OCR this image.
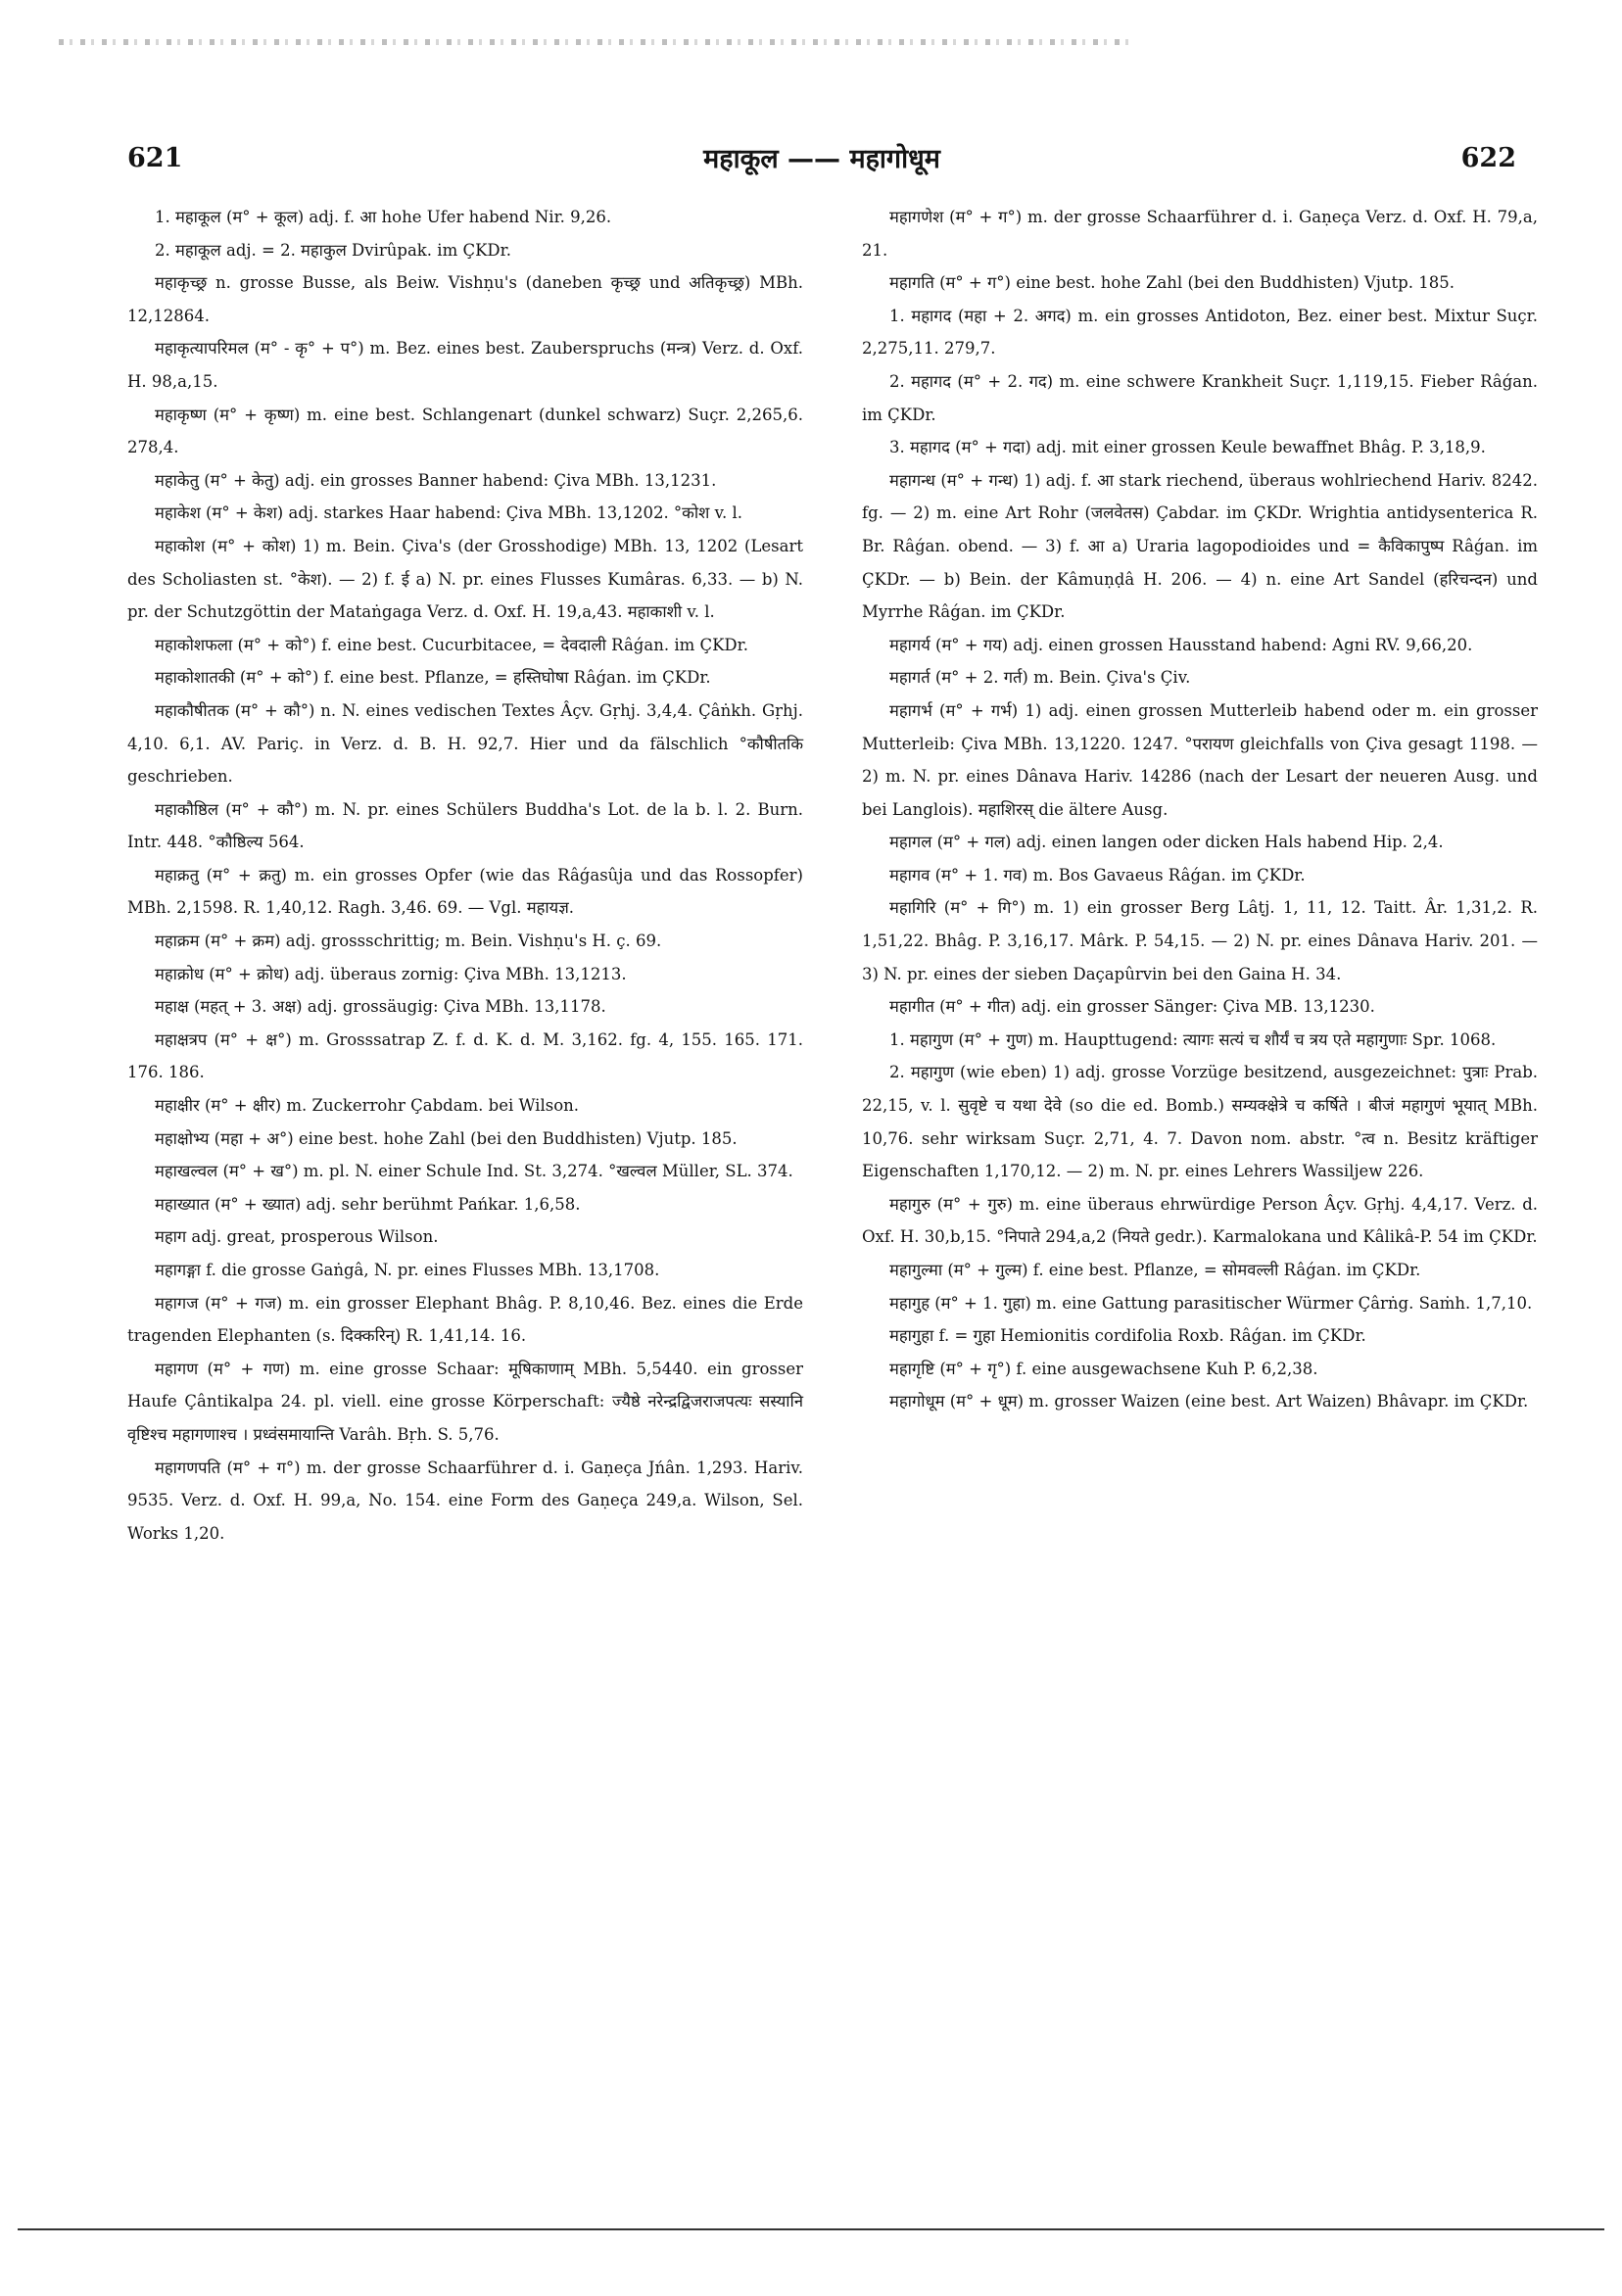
621	महाकूल —— महागोधूम	622

1. महाकूल (म° + कूल) adj. f. आ hohe Ufer habend Nir. 9,26.

2. महाकूल adj. = 2. महाकुल Dvirûpak. im ÇKDr.

महाकृच्छ्र n. grosse Busse, als Beiw. Vishṇu's (daneben कृच्छ्र und अतिकृच्छ्र) MBh. 12,12864.

महाकृत्यापरिमल (म° - कृ° + प°) m. Bez. eines best. Zauberspruchs (मन्त्र) Verz. d. Oxf. H. 98,a,15.

महाकृष्ण (म° + कृष्ण) m. eine best. Schlangenart (dunkel schwarz) Suçr. 2,265,6. 278,4.

महाकेतु (म° + केतु) adj. ein grosses Banner habend: Çiva MBh. 13,1231.

महाकेश (म° + केश) adj. starkes Haar habend: Çiva MBh. 13,1202. °कोश v. l.

महाकोश (म° + कोश) 1) m. Bein. Çiva's (der Grosshodige) MBh. 13, 1202 (Lesart des Scholiasten st. °केश). — 2) f. ई a) N. pr. eines Flusses Kumâras. 6,33. — b) N. pr. der Schutzgöttin der Mataṅgaga Verz. d. Oxf. H. 19,a,43. महाकाशी v. l.

महाकोशफला (म° + को°) f. eine best. Cucurbitacee, = देवदाली Râǵan. im ÇKDr.

महाकोशातकी (म° + को°) f. eine best. Pflanze, = हस्तिघोषा Râǵan. im ÇKDr.

महाकौषीतक (म° + कौ°) n. N. eines vedischen Textes Âçv. Gṛhj. 3,4,4. Çâṅkh. Gṛhj. 4,10. 6,1. AV. Pariç. in Verz. d. B. H. 92,7. Hier und da fälschlich °कौषीतकि geschrieben.

महाकौष्ठिल (म° + कौ°) m. N. pr. eines Schülers Buddha's Lot. de la b. l. 2. Burn. Intr. 448. °कौष्ठिल्य 564.

महाक्रतु (म° + क्रतु) m. ein grosses Opfer (wie das Râǵasûja und das Rossopfer) MBh. 2,1598. R. 1,40,12. Ragh. 3,46. 69. — Vgl. महायज्ञ.

महाक्रम (म° + क्रम) adj. grossschrittig; m. Bein. Vishṇu's H. ç. 69.

महाक्रोध (म° + क्रोध) adj. überaus zornig: Çiva MBh. 13,1213.

महाक्ष (महत् + 3. अक्ष) adj. grossäugig: Çiva MBh. 13,1178.

महाक्षत्रप (म° + क्ष°) m. Grosssatrap Z. f. d. K. d. M. 3,162. fg. 4, 155. 165. 171. 176. 186.

महाक्षीर (म° + क्षीर) m. Zuckerrohr Çabdam. bei Wilson.

महाक्षोभ्य (महा + अ°) eine best. hohe Zahl (bei den Buddhisten) Vjutp. 185.

महाखल्वल (म° + ख°) m. pl. N. einer Schule Ind. St. 3,274. °खल्वल Müller, SL. 374.

महाख्यात (म° + ख्यात) adj. sehr berühmt Pańkar. 1,6,58.

महाग adj. great, prosperous Wilson.

महागङ्गा f. die grosse Gaṅgâ, N. pr. eines Flusses MBh. 13,1708.

महागज (म° + गज) m. ein grosser Elephant Bhâg. P. 8,10,46. Bez. eines die Erde tragenden Elephanten (s. दिक्करिन्) R. 1,41,14. 16.

महागण (म° + गण) m. eine grosse Schaar: मूषिकाणाम् MBh. 5,5440. ein grosser Haufe Çântikalpa 24. pl. viell. eine grosse Körperschaft: ज्यैष्ठे नरेन्द्रद्विजराजपत्यः सस्यानि वृष्टिश्च महागणाश्च । प्रध्वंसमायान्ति Varâh. Bṛh. S. 5,76.

महागणपति (म° + ग°) m. der grosse Schaarführer d. i. Gaṇeça Jńân. 1,293. Hariv. 9535. Verz. d. Oxf. H. 99,a, No. 154. eine Form des Gaṇeça 249,a. Wilson, Sel. Works 1,20.

महागणेश (म° + ग°) m. der grosse Schaarführer d. i. Gaṇeça Verz. d. Oxf. H. 79,a, 21.

महागति (म° + ग°) eine best. hohe Zahl (bei den Buddhisten) Vjutp. 185.

1. महागद (महा + 2. अगद) m. ein grosses Antidoton, Bez. einer best. Mixtur Suçr. 2,275,11. 279,7.

2. महागद (म° + 2. गद) m. eine schwere Krankheit Suçr. 1,119,15. Fieber Râǵan. im ÇKDr.

3. महागद (म° + गदा) adj. mit einer grossen Keule bewaffnet Bhâg. P. 3,18,9.

महागन्ध (म° + गन्ध) 1) adj. f. आ stark riechend, überaus wohlriechend Hariv. 8242. fg. — 2) m. eine Art Rohr (जलवेतस) Çabdar. im ÇKDr. Wrightia antidysenterica R. Br. Râǵan. obend. — 3) f. आ a) Uraria lagopodioides und = कैविकापुष्प Râǵan. im ÇKDr. — b) Bein. der Kâmuṇḍâ H. 206. — 4) n. eine Art Sandel (हरिचन्दन) und Myrrhe Râǵan. im ÇKDr.

महागर्य (म° + गय) adj. einen grossen Hausstand habend: Agni RV. 9,66,20.

महागर्त (म° + 2. गर्त) m. Bein. Çiva's Çiv.

महागर्भ (म° + गर्भ) 1) adj. einen grossen Mutterleib habend oder m. ein grosser Mutterleib: Çiva MBh. 13,1220. 1247. °परायण gleichfalls von Çiva gesagt 1198. — 2) m. N. pr. eines Dânava Hariv. 14286 (nach der Lesart der neueren Ausg. und bei Langlois). महाशिरस् die ältere Ausg.

महागल (म° + गल) adj. einen langen oder dicken Hals habend Hip. 2,4.

महागव (म° + 1. गव) m. Bos Gavaeus Râǵan. im ÇKDr.

महागिरि (म° + गि°) m. 1) ein grosser Berg Lâṭj. 1, 11, 12. Taitt. Âr. 1,31,2. R. 1,51,22. Bhâg. P. 3,16,17. Mârk. P. 54,15. — 2) N. pr. eines Dânava Hariv. 201. — 3) N. pr. eines der sieben Daçapûrvin bei den Gaina H. 34.

महागीत (म° + गीत) adj. ein grosser Sänger: Çiva MB. 13,1230.

1. महागुण (म° + गुण) m. Haupttugend: त्यागः सत्यं च शौर्यं च त्रय एते महागुणाः Spr. 1068.

2. महागुण (wie eben) 1) adj. grosse Vorzüge besitzend, ausgezeichnet: पुत्राः Prab. 22,15, v. l. सुवृष्टे च यथा देवे (so die ed. Bomb.) सम्यक्क्षेत्रे च कर्षिते । बीजं महागुणं भूयात् MBh. 10,76. sehr wirksam Suçr. 2,71, 4. 7. Davon nom. abstr. °त्व n. Besitz kräftiger Eigenschaften 1,170,12. — 2) m. N. pr. eines Lehrers Wassiljew 226.

महागुरु (म° + गुरु) m. eine überaus ehrwürdige Person Âçv. Gṛhj. 4,4,17. Verz. d. Oxf. H. 30,b,15. °निपाते 294,a,2 (नियते gedr.). Karmalokana und Kâlikâ-P. 54 im ÇKDr.

महागुल्मा (म° + गुल्म) f. eine best. Pflanze, = सोमवल्ली Râǵan. im ÇKDr.

महागुह (म° + 1. गुहा) m. eine Gattung parasitischer Würmer Çârṅg. Saṁh. 1,7,10.

महागुहा f. = गुहा Hemionitis cordifolia Roxb. Râǵan. im ÇKDr.

महागृष्टि (म° + गृ°) f. eine ausgewachsene Kuh P. 6,2,38.

महागोधूम (म° + धूम) m. grosser Waizen (eine best. Art Waizen) Bhâvapr. im ÇKDr.
